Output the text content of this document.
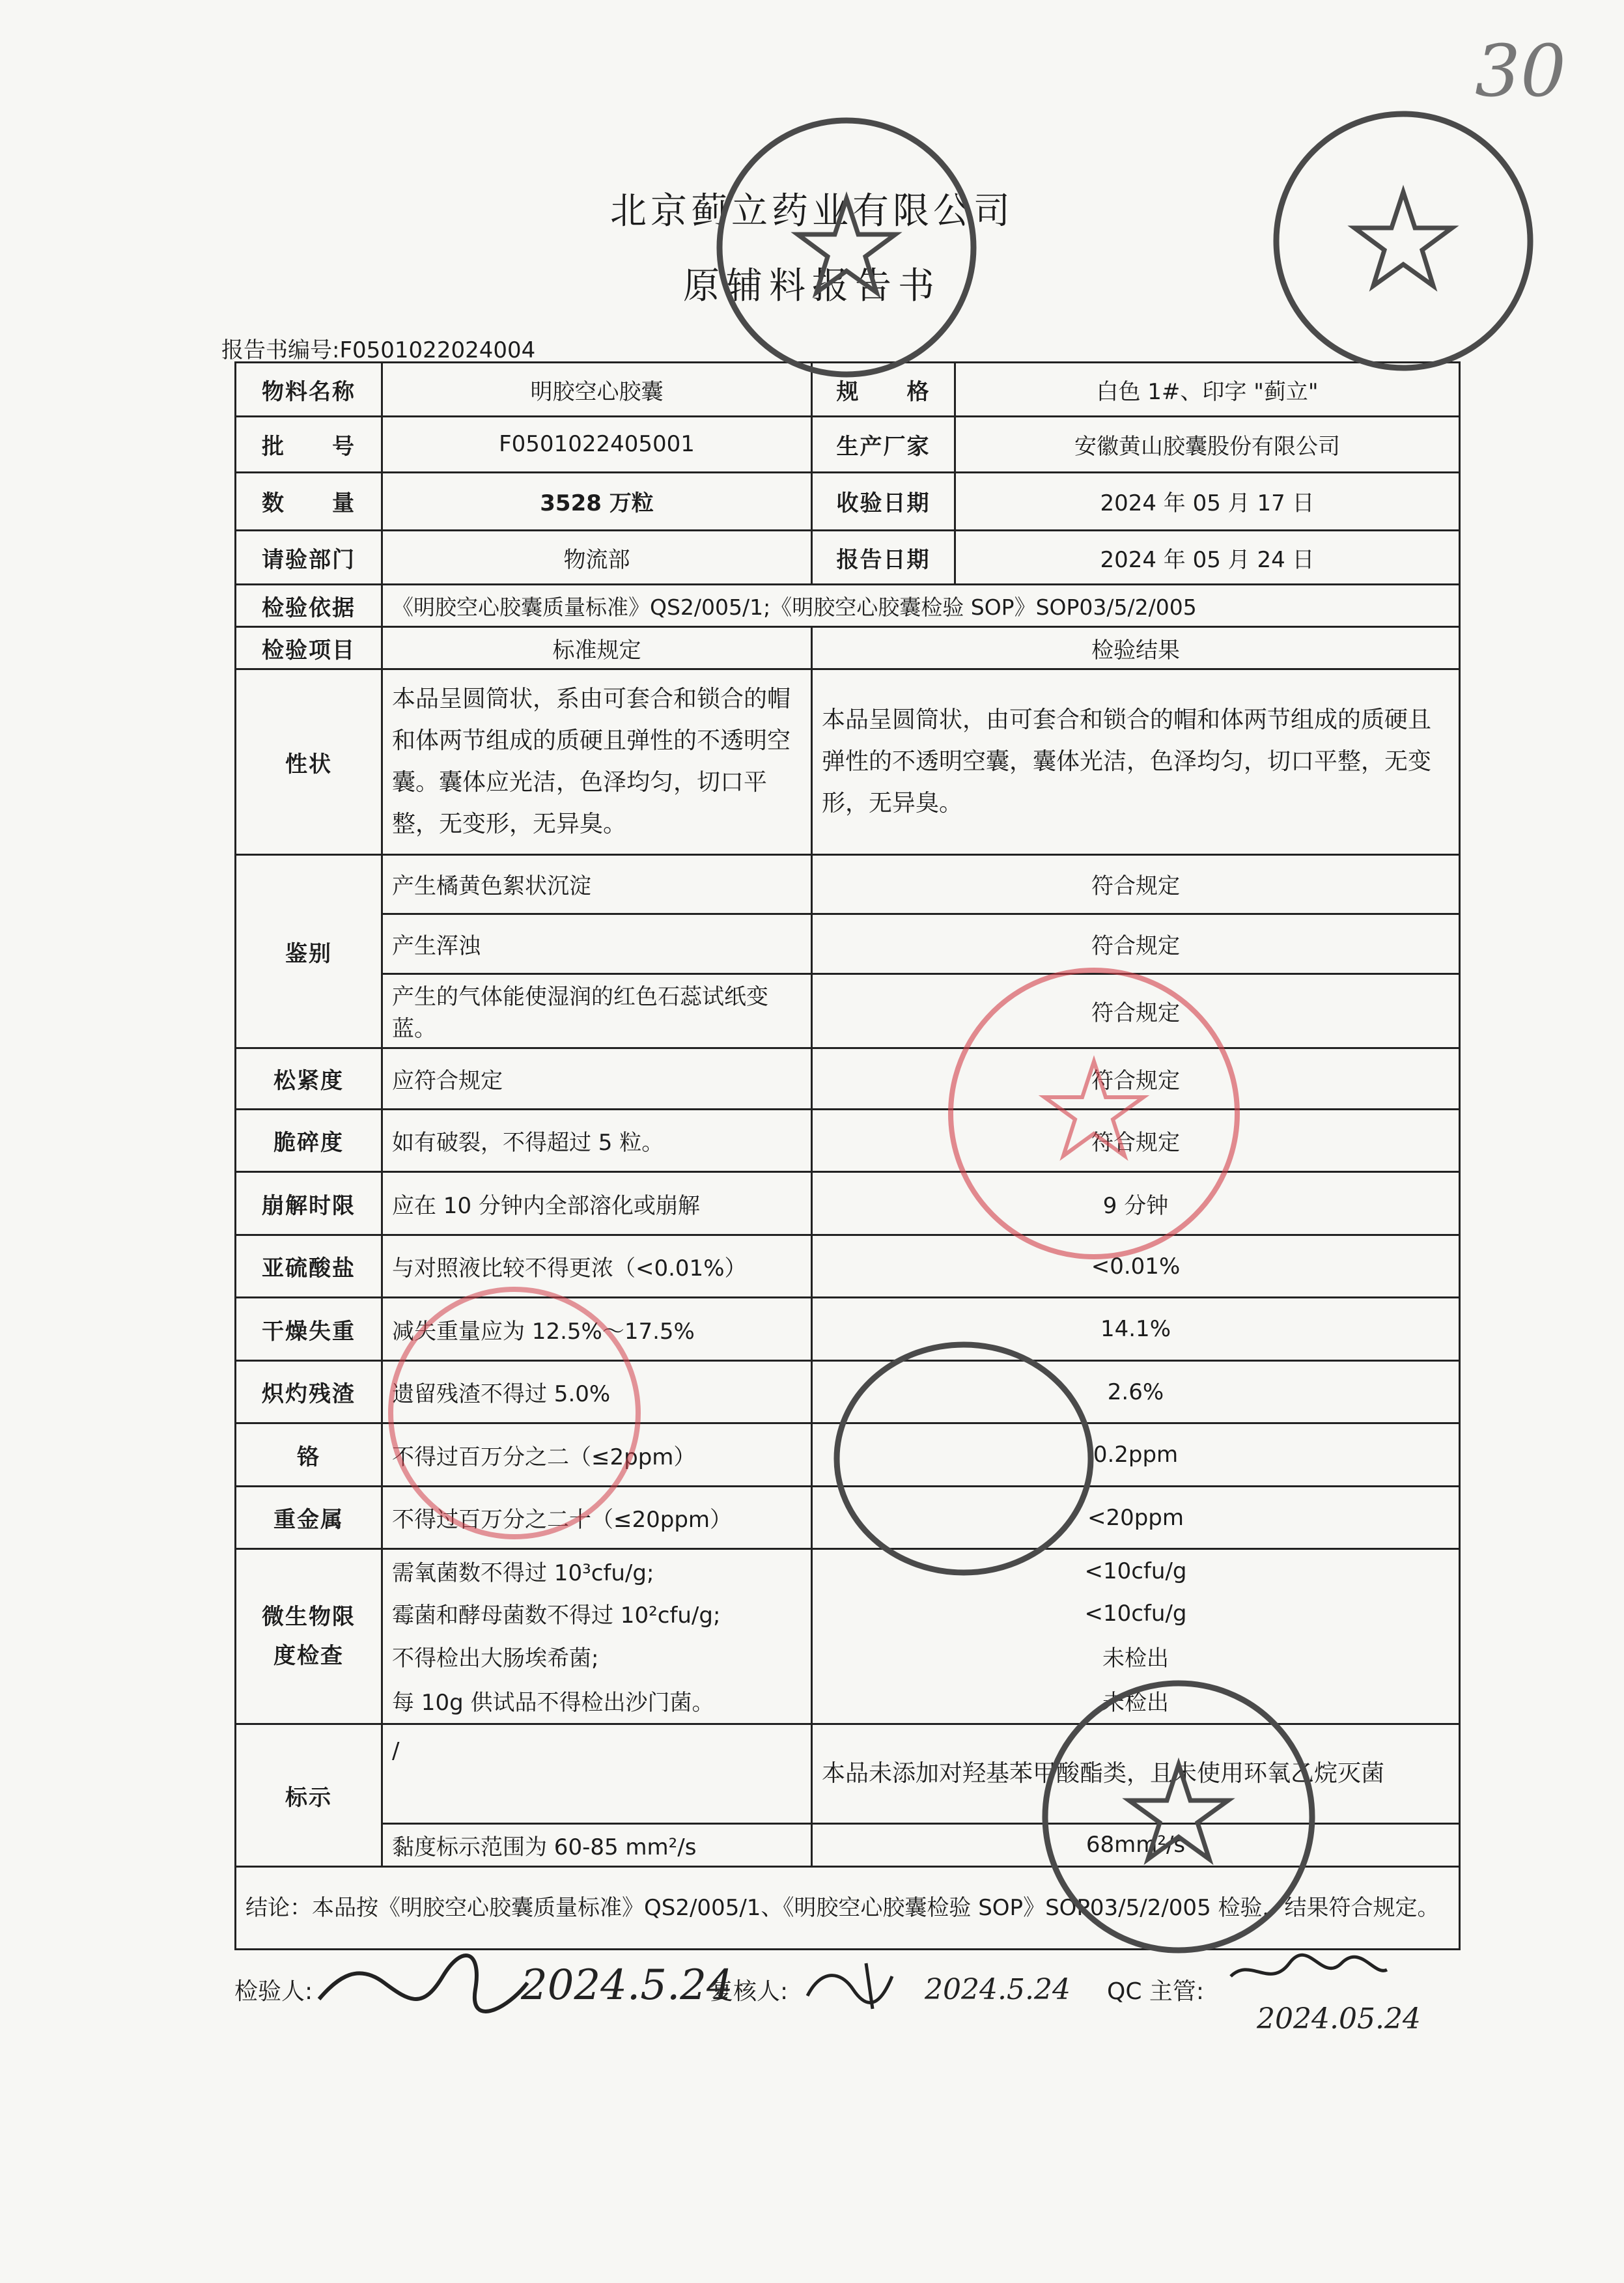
30
北京蓟立药业有限公司
原辅料报告书
报告书编号:F0501022024004
物料名称	明胶空心胶囊	规　　格	白色 1#、印字 "蓟立"
批　　号	F0501022405001	生产厂家	安徽黄山胶囊股份有限公司
数　　量	3528 万粒	收验日期	2024 年 05 月 17 日
请验部门	物流部	报告日期	2024 年 05 月 24 日
检验依据	《明胶空心胶囊质量标准》QS2/005/1;《明胶空心胶囊检验 SOP》SOP03/5/2/005		
检验项目	标准规定	检验结果	
性状	本品呈圆筒状，系由可套合和锁合的帽和体两节组成的质硬且弹性的不透明空囊。囊体应光洁，色泽均匀，切口平整，无变形，无异臭。	本品呈圆筒状，由可套合和锁合的帽和体两节组成的质硬且弹性的不透明空囊，囊体光洁，色泽均匀，切口平整，无变形，无异臭。	
鉴别	产生橘黄色絮状沉淀	符合规定	
	产生浑浊	符合规定	
	产生的气体能使湿润的红色石蕊试纸变蓝。	符合规定	
松紧度	应符合规定	符合规定	
脆碎度	如有破裂，不得超过 5 粒。	符合规定	
崩解时限	应在 10 分钟内全部溶化或崩解	9 分钟	
亚硫酸盐	与对照液比较不得更浓（<0.01%）	<0.01%	
干燥失重	减失重量应为 12.5%～17.5%	14.1%	
炽灼残渣	遗留残渣不得过 5.0%	2.6%	
铬	不得过百万分之二（≤2ppm）	0.2ppm	
重金属	不得过百万分之二十（≤20ppm）	<20ppm	
微生物限
度检查	需氧菌数不得过 10³cfu/g;	<10cfu/g	
	霉菌和酵母菌数不得过 10²cfu/g;	<10cfu/g	
	不得检出大肠埃希菌;	未检出	
	每 10g 供试品不得检出沙门菌。	未检出	
标示	/	本品未添加对羟基苯甲酸酯类，且未使用环氧乙烷灭菌	
	黏度标示范围为 60-85 mm²/s	68mm²/s	
结论：本品按《明胶空心胶囊质量标准》QS2/005/1、《明胶空心胶囊检验 SOP》SOP03/5/2/005 检验，结果符合规定。			
检验人:	复核人:	QC 主管:
2024.5.24	2024.5.24
2024.05.24
